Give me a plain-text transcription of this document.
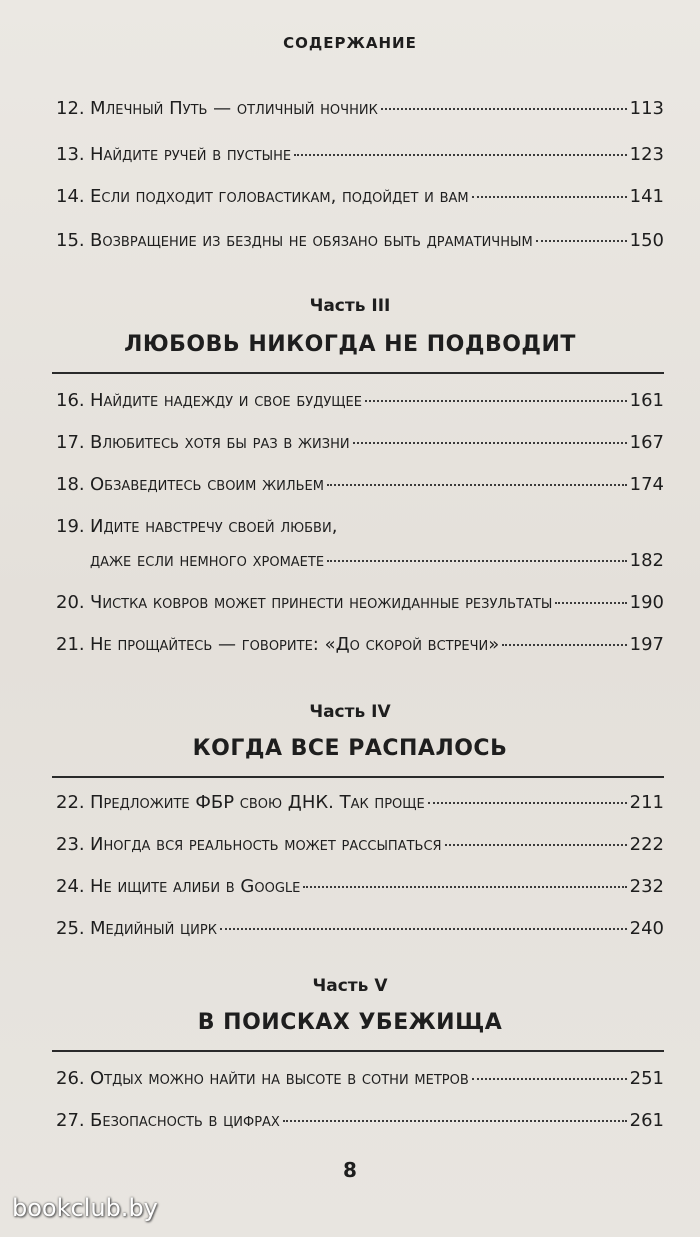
СОДЕРЖАНИЕ
12. Млечный Путь — отличный ночник	113
13. Найдите ручей в пустыне	123
14. Если подходит головастикам, подойдет и вам	141
15. Возвращение из бездны не обязано быть драматичным	150
Часть III
ЛЮБОВЬ НИКОГДА НЕ ПОДВОДИТ
16. Найдите надежду и свое будущее	161
17. Влюбитесь хотя бы раз в жизни	167
18. Обзаведитесь своим жильем	174
19. Идите навстречу своей любви,
даже если немного хромаете	182
20. Чистка ковров может принести неожиданные результаты	190
21. Не прощайтесь — говорите: «До скорой встречи»	197
Часть IV
КОГДА ВСЕ РАСПАЛОСЬ
22. Предложите ФБР свою ДНК. Так проще	211
23. Иногда вся реальность может рассыпаться	222
24. Не ищите алиби в Google	232
25. Медийный цирк	240
Часть V
В ПОИСКАХ УБЕЖИЩА
26. Отдых можно найти на высоте в сотни метров	251
27. Безопасность в цифрах	261
8
bookclub.by
